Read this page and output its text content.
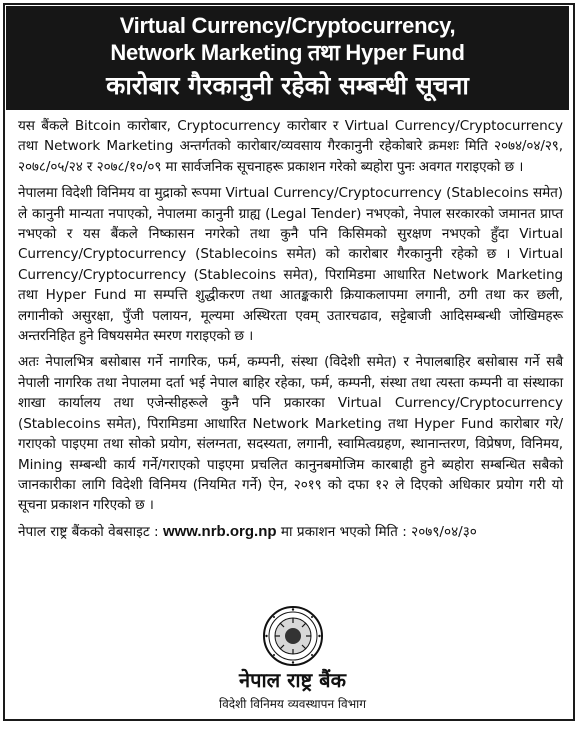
Virtual Currency/Cryptocurrency,
Network Marketing तथा Hyper Fund
कारोबार गैरकानुनी रहेको सम्बन्धी सूचना

यस बैंकले Bitcoin कारोबार, Cryptocurrency कारोबार र Virtual Currency/Cryptocurrency तथा Network Marketing अन्तर्गतको कारोबार/व्यवसाय गैरकानुनी रहेकोबारे क्रमशः मिति २०७४/०४/२९, २०७८/०५/२४ र २०७८/१०/०९ मा सार्वजनिक सूचनाहरू प्रकाशन गरेको ब्यहोरा पुनः अवगत गराइएको छ ।

नेपालमा विदेशी विनिमय वा मुद्राको रूपमा Virtual Currency/Cryptocurrency (Stablecoins समेत) ले कानुनी मान्यता नपाएको, नेपालमा कानुनी ग्राह्य (Legal Tender) नभएको, नेपाल सरकारको जमानत प्राप्त नभएको र यस बैंकले निष्कासन नगरेको तथा कुनै पनि किसिमको सुरक्षण नभएको हुँदा Virtual Currency/Cryptocurrency (Stablecoins समेत) को कारोबार गैरकानुनी रहेको छ । Virtual Currency/Cryptocurrency (Stablecoins समेत), पिरामिडमा आधारित Network Marketing तथा Hyper Fund मा सम्पत्ति शुद्धीकरण तथा आतङ्ककारी क्रियाकलापमा लगानी, ठगी तथा कर छली, लगानीको असुरक्षा, पुँजी पलायन, मूल्यमा अस्थिरता एवम् उतारचढाव, सट्टेबाजी आदिसम्बन्धी जोखिमहरू अन्तरनिहित हुने विषयसमेत स्मरण गराइएको छ ।

अतः नेपालभित्र बसोबास गर्ने नागरिक, फर्म, कम्पनी, संस्था (विदेशी समेत) र नेपालबाहिर बसोबास गर्ने सबै नेपाली नागरिक तथा नेपालमा दर्ता भई नेपाल बाहिर रहेका, फर्म, कम्पनी, संस्था तथा त्यस्ता कम्पनी वा संस्थाका शाखा कार्यालय तथा एजेन्सीहरूले कुनै पनि प्रकारका Virtual Currency/Cryptocurrency (Stablecoins समेत), पिरामिडमा आधारित Network Marketing तथा Hyper Fund कारोबार गरे/गराएको पाइएमा तथा सोको प्रयोग, संलग्नता, सदस्यता, लगानी, स्वामित्वग्रहण, स्थानान्तरण, विप्रेषण, विनिमय, Mining सम्बन्धी कार्य गर्ने/गराएको पाइएमा प्रचलित कानुनबमोजिम कारबाही हुने ब्यहोरा सम्बन्धित सबैको जानकारीका लागि विदेशी विनिमय (नियमित गर्ने) ऐन, २०१९ को दफा १२ ले दिएको अधिकार प्रयोग गरी यो सूचना प्रकाशन गरिएको छ ।

नेपाल राष्ट्र बैंकको वेबसाइट : www.nrb.org.np मा प्रकाशन भएको मिति : २०७९/०४/३०
नेपाल राष्ट्र बैंक
विदेशी विनिमय व्यवस्थापन विभाग
